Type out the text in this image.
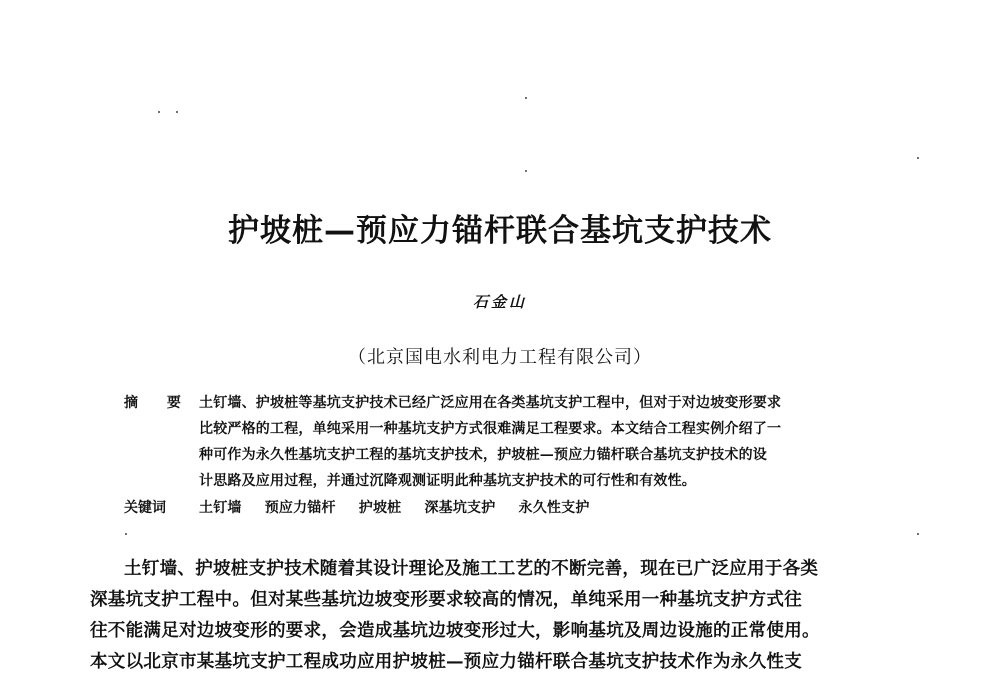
护坡桩—预应力锚杆联合基坑支护技术
石金山
（北京国电水利电力工程有限公司）
摘 要 土钉墙、护坡桩等基坑支护技术已经广泛应用在各类基坑支护工程中，但对于对边坡变形要求
比较严格的工程，单纯采用一种基坑支护方式很难满足工程要求。本文结合工程实例介绍了一
种可作为永久性基坑支护工程的基坑支护技术，护坡桩—预应力锚杆联合基坑支护技术的设
计思路及应用过程，并通过沉降观测证明此种基坑支护技术的可行性和有效性。
关键词 土钉墙 预应力锚杆 护坡桩 深基坑支护 永久性支护
土钉墙、护坡桩支护技术随着其设计理论及施工工艺的不断完善，现在已广泛应用于各类
深基坑支护工程中。但对某些基坑边坡变形要求较高的情况，单纯采用一种基坑支护方式往
往不能满足对边坡变形的要求，会造成基坑边坡变形过大，影响基坑及周边设施的正常使用。
本文以北京市某基坑支护工程成功应用护坡桩—预应力锚杆联合基坑支护技术作为永久性支
